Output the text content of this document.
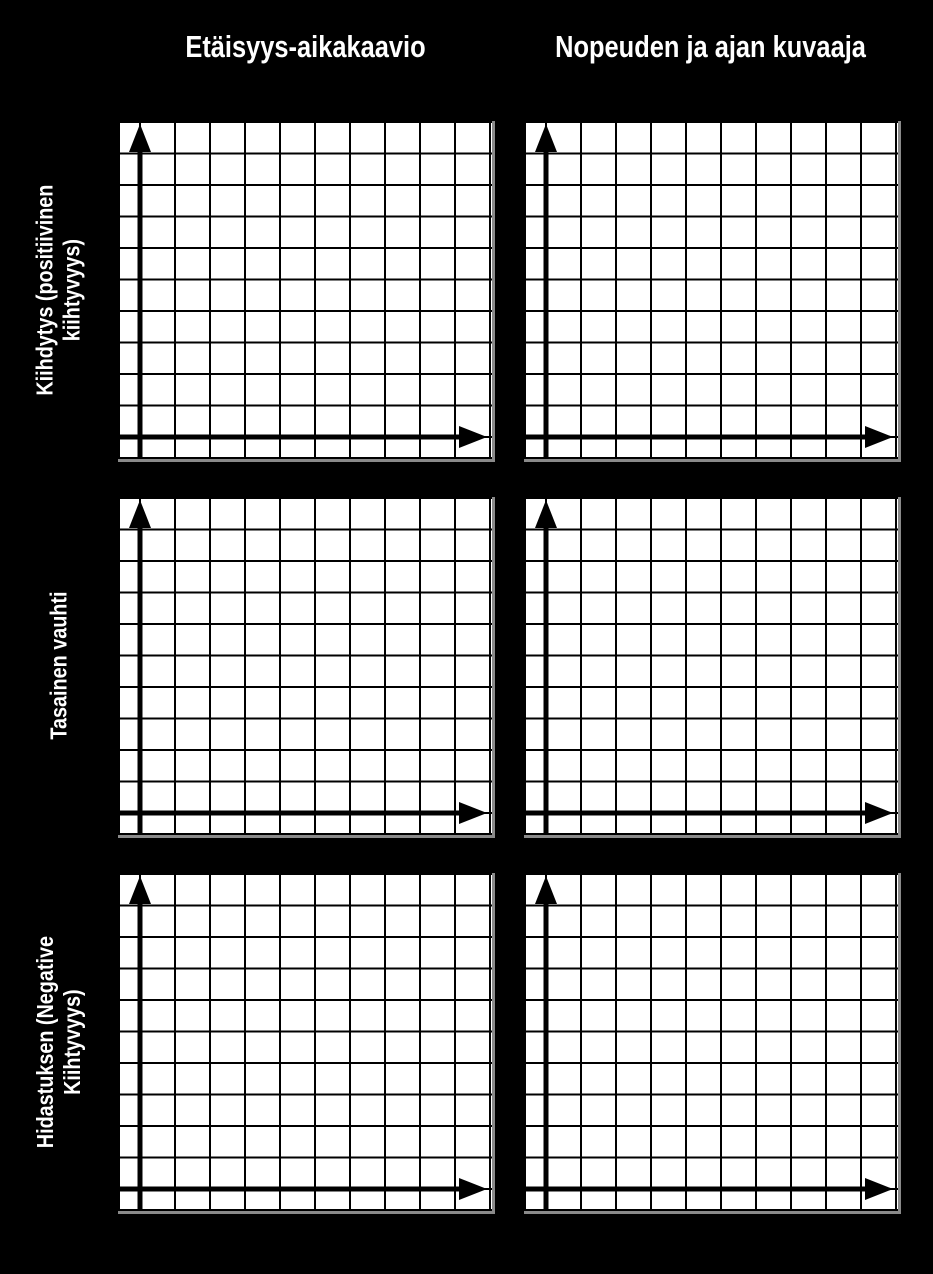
Etäisyys-aikakaavio	Nopeuden ja ajan kuvaaja
Kiihdytys (positiivinen
kiihtyvyys)
Tasainen vauhti
Hidastuksen (Negative
Kiihtyvyys)
